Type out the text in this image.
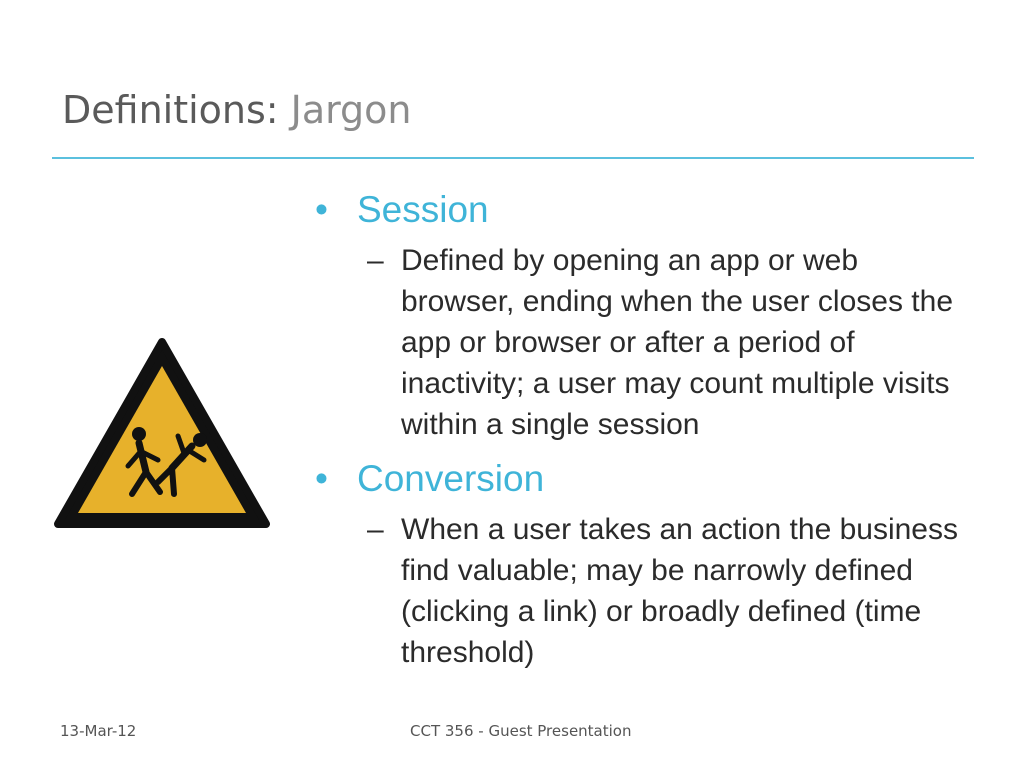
Definitions: Jargon
• Session
– Defined by opening an app or web browser, ending when the user closes the app or browser or after a period of inactivity; a user may count multiple visits within a single session
• Conversion
– When a user takes an action the business find valuable; may be narrowly defined (clicking a link) or broadly defined (time threshold)
13-Mar-12	CCT 356 - Guest Presentation
